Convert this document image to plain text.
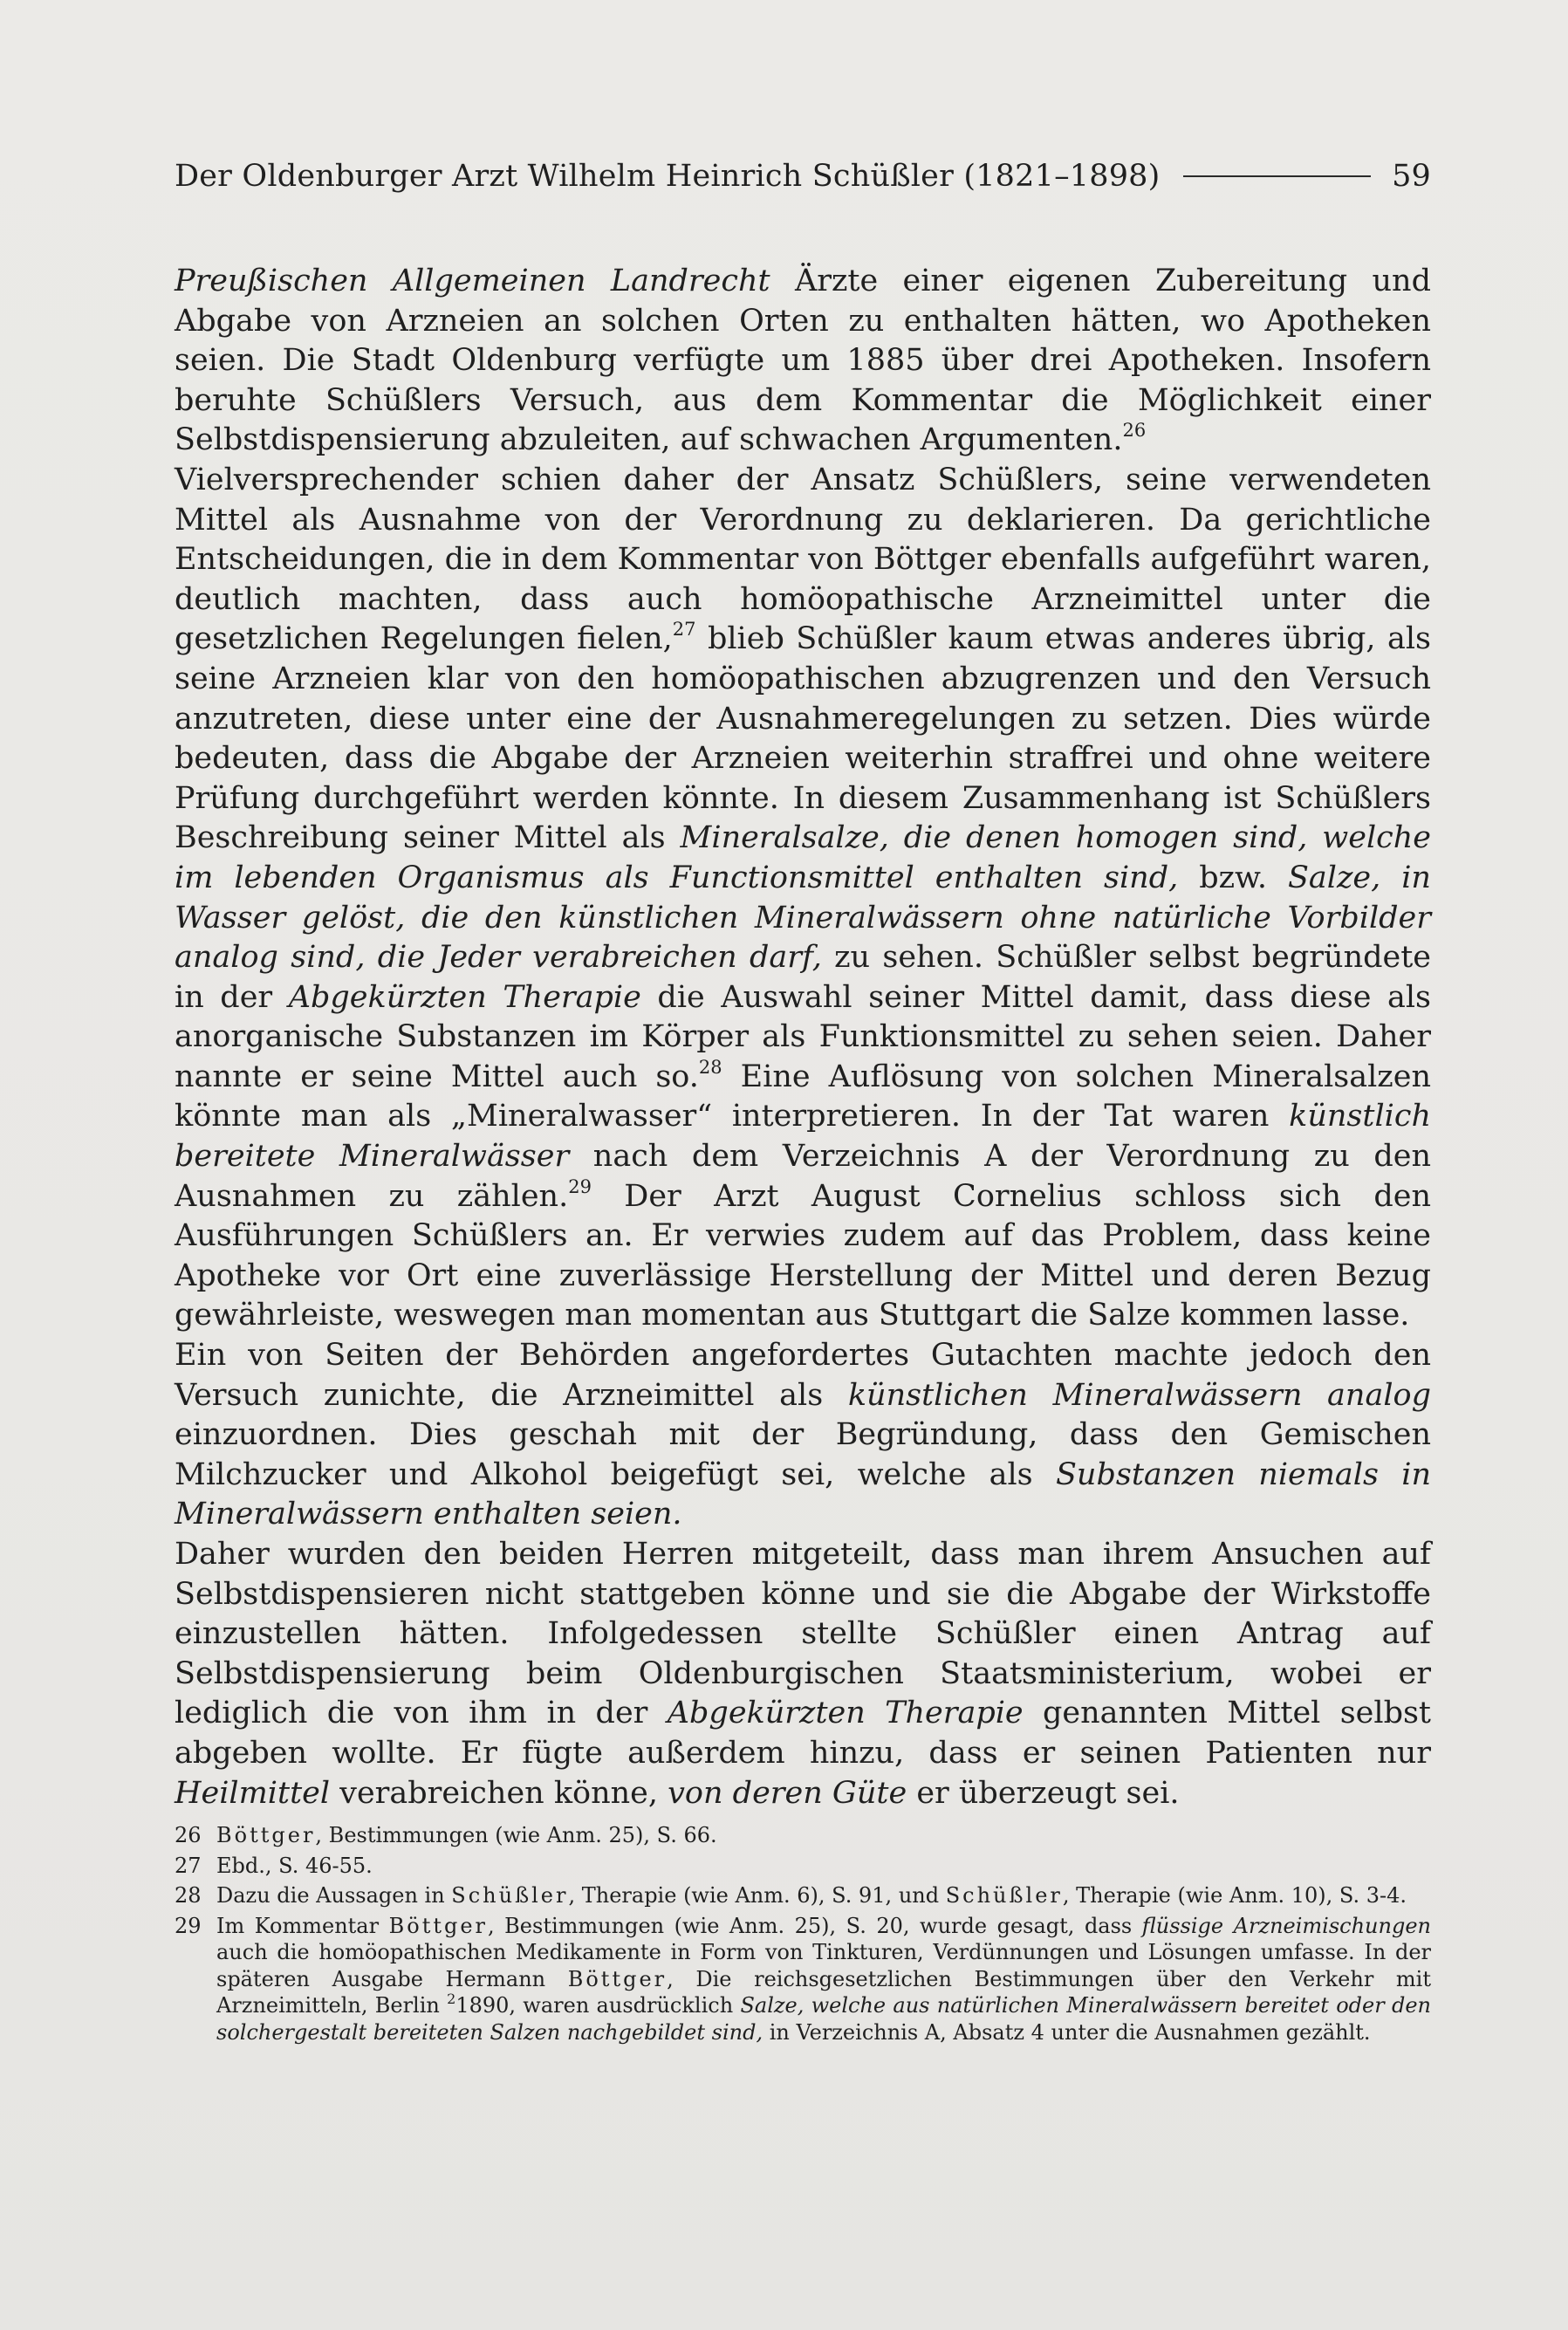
Der Oldenburger Arzt Wilhelm Heinrich Schüßler (1821–1898)	59

Preußischen Allgemeinen Landrecht Ärzte einer eigenen Zubereitung und Abgabe von Arzneien an solchen Orten zu enthalten hätten, wo Apotheken seien. Die Stadt Oldenburg verfügte um 1885 über drei Apotheken. Insofern beruhte Schüßlers Versuch, aus dem Kommentar die Möglichkeit einer Selbstdispensierung abzuleiten, auf schwachen Argumenten.$^{26}$

Vielversprechender schien daher der Ansatz Schüßlers, seine verwendeten Mittel als Ausnahme von der Verordnung zu deklarieren. Da gerichtliche Entscheidungen, die in dem Kommentar von Böttger ebenfalls aufgeführt waren, deutlich machten, dass auch homöopathische Arzneimittel unter die gesetzlichen Regelungen fielen,$^{27}$ blieb Schüßler kaum etwas anderes übrig, als seine Arzneien klar von den homöopathischen abzugrenzen und den Versuch anzutreten, diese unter eine der Ausnahmeregelungen zu setzen. Dies würde bedeuten, dass die Abgabe der Arzneien weiterhin straffrei und ohne weitere Prüfung durchgeführt werden könnte. In diesem Zusammenhang ist Schüßlers Beschreibung seiner Mittel als Mineralsalze, die denen homogen sind, welche im lebenden Organismus als Functionsmittel enthalten sind, bzw. Salze, in Wasser gelöst, die den künstlichen Mineralwässern ohne natürliche Vorbilder analog sind, die Jeder verabreichen darf, zu sehen. Schüßler selbst begründete in der Abgekürzten Therapie die Auswahl seiner Mittel damit, dass diese als anorganische Substanzen im Körper als Funktionsmittel zu sehen seien. Daher nannte er seine Mittel auch so.$^{28}$ Eine Auflösung von solchen Mineralsalzen könnte man als „Mineralwasser“ interpretieren. In der Tat waren künstlich bereitete Mineralwässer nach dem Verzeichnis A der Verordnung zu den Ausnahmen zu zählen.$^{29}$ Der Arzt August Cornelius schloss sich den Ausführungen Schüßlers an. Er verwies zudem auf das Problem, dass keine Apotheke vor Ort eine zuverlässige Herstellung der Mittel und deren Bezug gewährleiste, weswegen man momentan aus Stuttgart die Salze kommen lasse.

Ein von Seiten der Behörden angefordertes Gutachten machte jedoch den Versuch zunichte, die Arzneimittel als künstlichen Mineralwässern analog einzuordnen. Dies geschah mit der Begründung, dass den Gemischen Milchzucker und Alkohol beigefügt sei, welche als Substanzen niemals in Mineralwässern enthalten seien.

Daher wurden den beiden Herren mitgeteilt, dass man ihrem Ansuchen auf Selbstdispensieren nicht stattgeben könne und sie die Abgabe der Wirkstoffe einzustellen hätten. Infolgedessen stellte Schüßler einen Antrag auf Selbstdispensierung beim Oldenburgischen Staatsministerium, wobei er lediglich die von ihm in der Abgekürzten Therapie genannten Mittel selbst abgeben wollte. Er fügte außerdem hinzu, dass er seinen Patienten nur Heilmittel verabreichen könne, von deren Güte er überzeugt sei.

26 Böttger, Bestimmungen (wie Anm. 25), S. 66.
27 Ebd., S. 46-55.
28 Dazu die Aussagen in Schüßler, Therapie (wie Anm. 6), S. 91, und Schüßler, Therapie (wie Anm. 10), S. 3-4.
29 Im Kommentar Böttger, Bestimmungen (wie Anm. 25), S. 20, wurde gesagt, dass flüssige Arzneimischungen auch die homöopathischen Medikamente in Form von Tinkturen, Verdünnungen und Lösungen umfasse. In der späteren Ausgabe Hermann Böttger, Die reichsgesetzlichen Bestimmungen über den Verkehr mit Arzneimitteln, Berlin $^2$1890, waren ausdrücklich Salze, welche aus natürlichen Mineralwässern bereitet oder den solchergestalt bereiteten Salzen nachgebildet sind, in Verzeichnis A, Absatz 4 unter die Ausnahmen gezählt.
